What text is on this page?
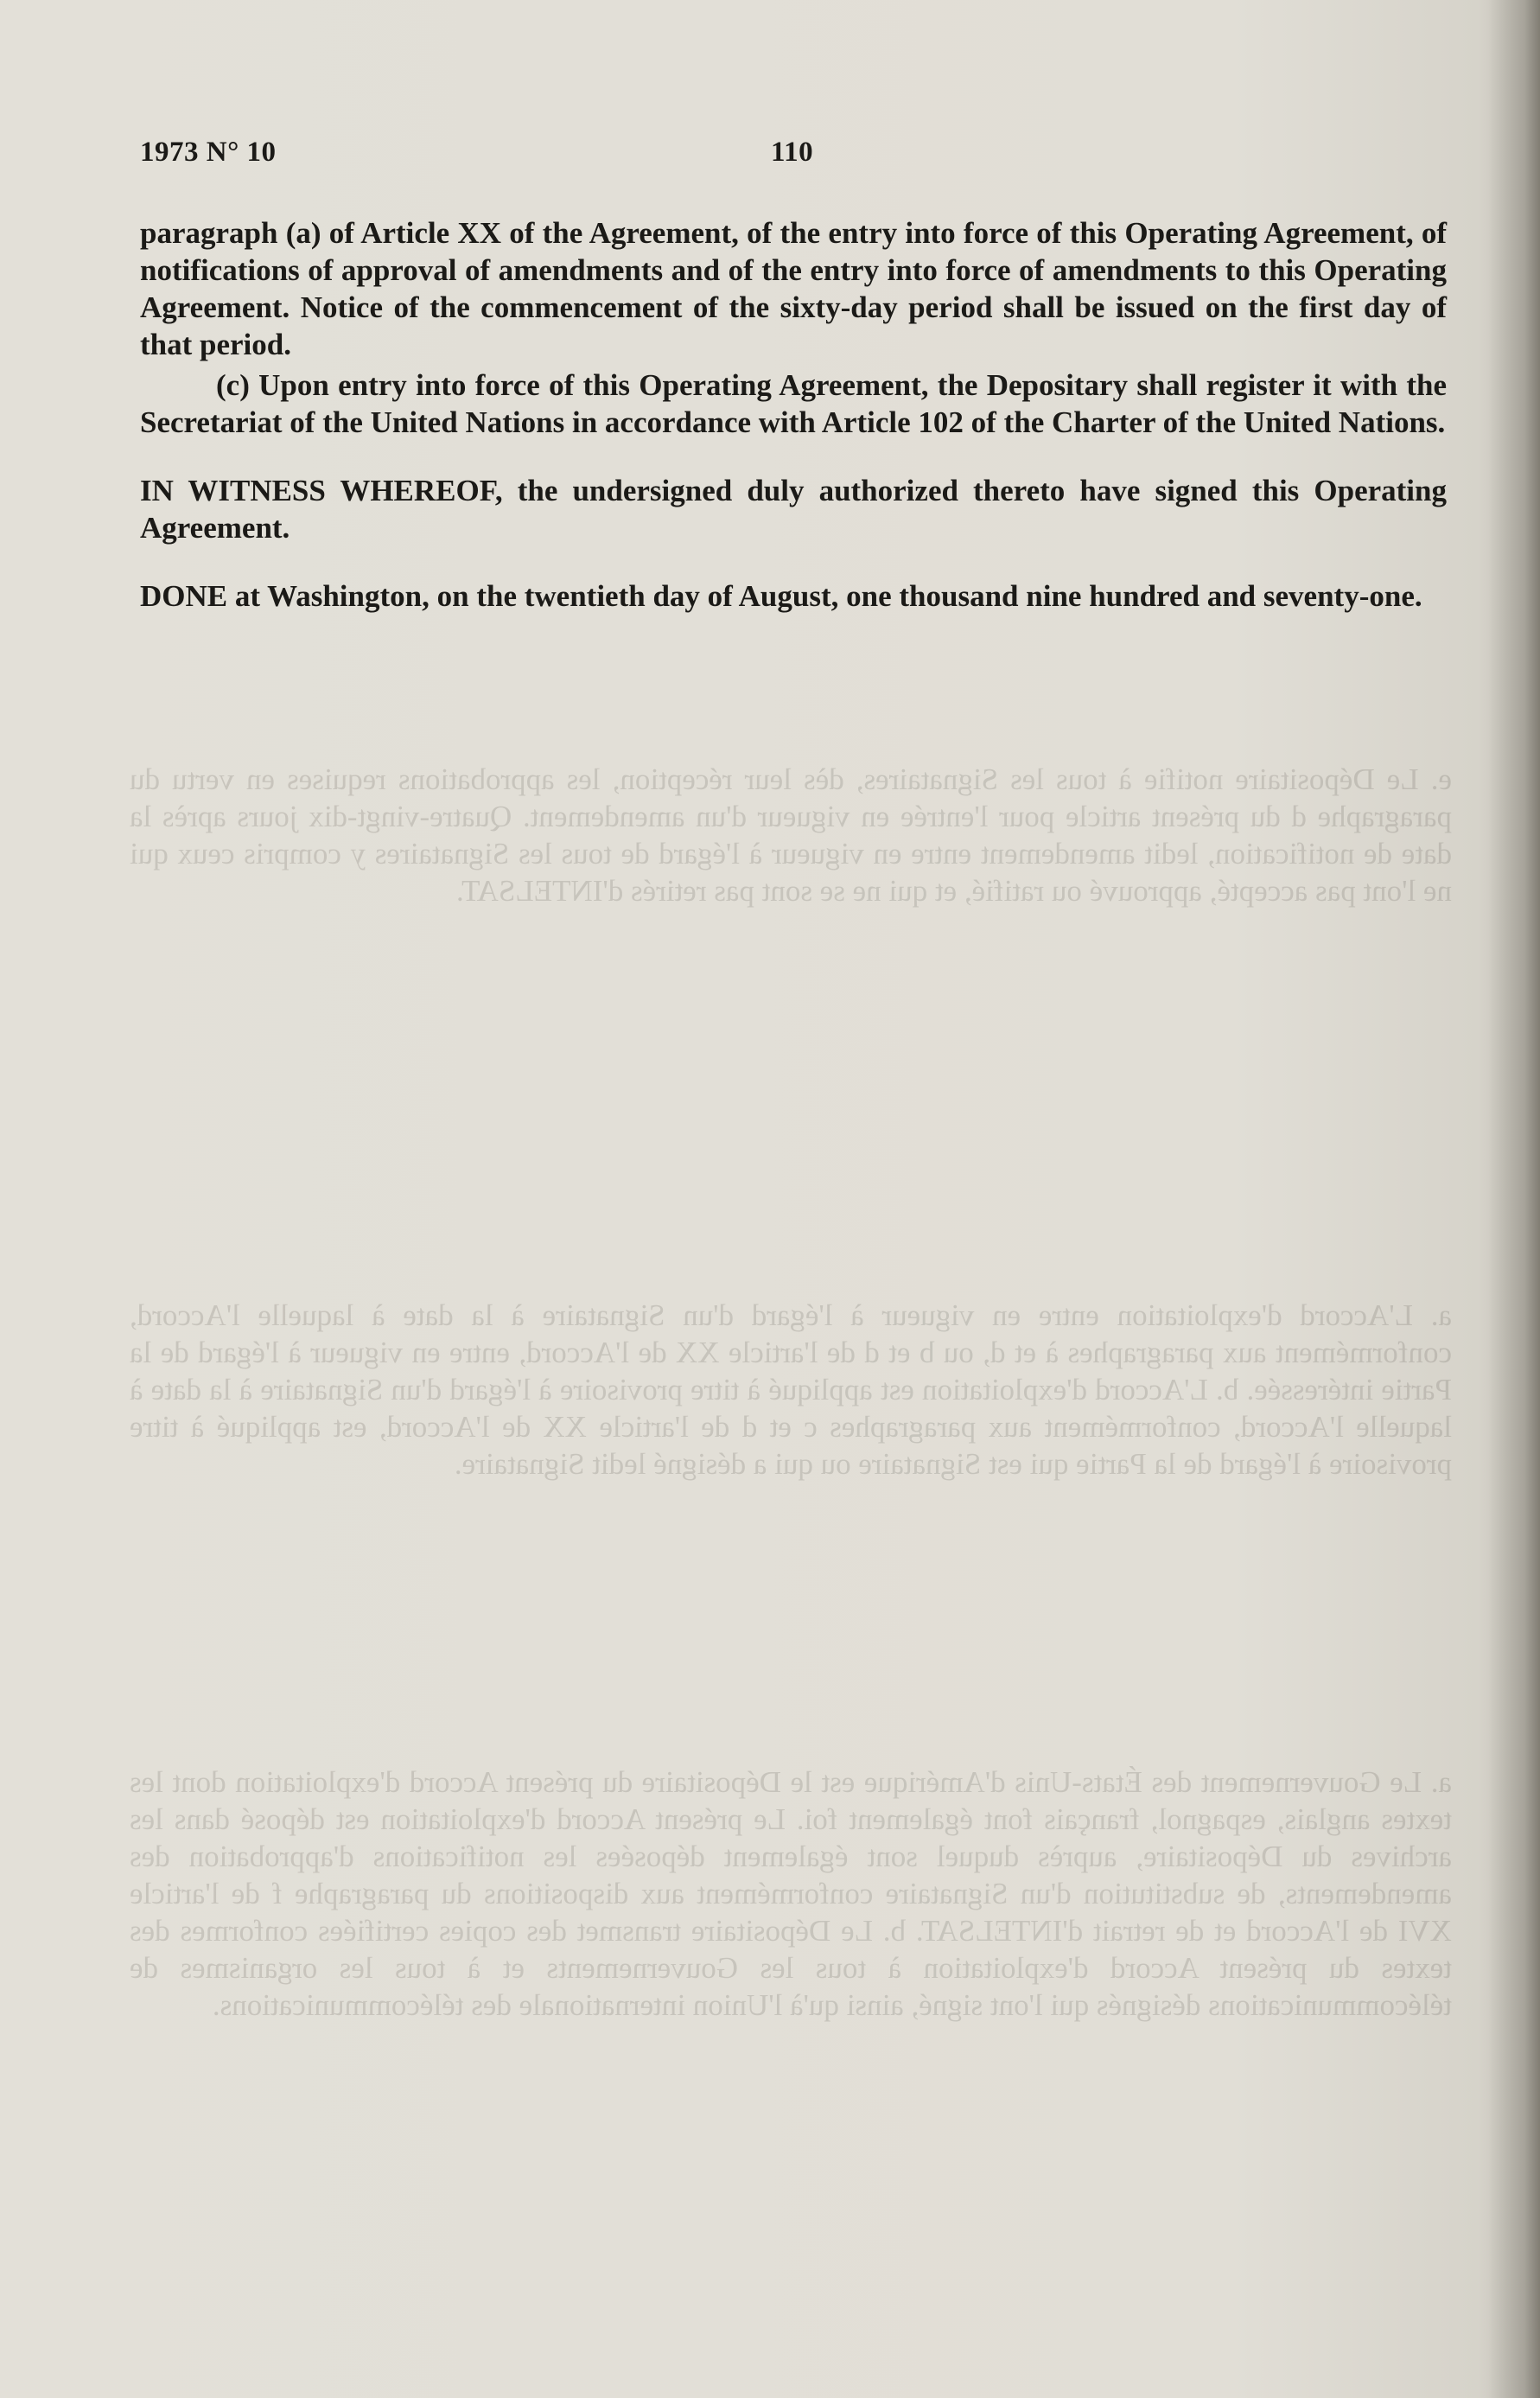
e. Le Dépositaire notifie à tous les Signataires, dès leur réception, les approbations requises en vertu du paragraphe d du présent article pour l'entrée en vigueur d'un amendement. Quatre-vingt-dix jours après la date de notification, ledit amendement entre en vigueur à l'égard de tous les Signataires y compris ceux qui ne l'ont pas accepté, approuvé ou ratifié, et qui ne se sont pas retirés d'INTELSAT.
a. L'Accord d'exploitation entre en vigueur à l'égard d'un Signataire à la date à laquelle l'Accord, conformément aux paragraphes à et d, ou b et d de l'article XX de l'Accord, entre en vigueur à l'égard de la Partie intéressée. b. L'Accord d'exploitation est appliqué à titre provisoire à l'égard d'un Signataire à la date à laquelle l'Accord, conformément aux paragraphes c et d de l'article XX de l'Accord, est appliqué à titre provisoire à l'égard de la Partie qui est Signataire ou qui a désigné ledit Signataire.
a. Le Gouvernement des États-Unis d'Amérique est le Dépositaire du présent Accord d'exploitation dont les textes anglais, espagnol, français font également foi. Le présent Accord d'exploitation est déposé dans les archives du Dépositaire, auprès duquel sont également déposées les notifications d'approbation des amendements, de substitution d'un Signataire conformément aux dispositions du paragraphe f de l'article XVI de l'Accord et de retrait d'INTELSAT. b. Le Dépositaire transmet des copies certifiées conformes des textes du présent Accord d'exploitation à tous les Gouvernements et à tous les organismes de télécommunications désignés qui l'ont signé, ainsi qu'à l'Union internationale des télécommunications.
1973 N° 10	110

paragraph (a) of Article XX of the Agreement, of the entry into force of this Operating Agreement, of notifications of approval of amendments and of the entry into force of amendments to this Operating Agreement. Notice of the commencement of the sixty-day period shall be issued on the first day of that period.

(c) Upon entry into force of this Operating Agreement, the Depositary shall register it with the Secretariat of the United Nations in accordance with Article 102 of the Charter of the United Nations.

IN WITNESS WHEREOF, the undersigned duly authorized thereto have signed this Operating Agreement.

DONE at Washington, on the twentieth day of August, one thousand nine hundred and seventy-one.
